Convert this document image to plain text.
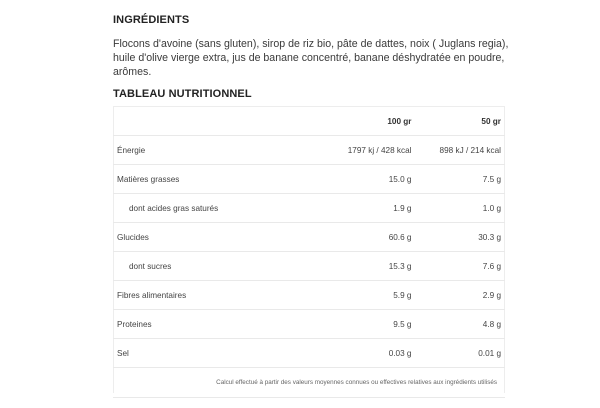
INGRÉDIENTS
Flocons d'avoine (sans gluten), sirop de riz bio, pâte de dattes, noix ( Juglans regia),
huile d'olive vierge extra, jus de banane concentré, banane déshydratée en poudre,
arômes.
TABLEAU NUTRITIONNEL
	100 gr	50 gr
Énergie	1797 kj / 428 kcal	898 kJ / 214 kcal
Matières grasses	15.0 g	7.5 g
dont acides gras saturés	1.9 g	1.0 g
Glucides	60.6 g	30.3 g
dont sucres	15.3 g	7.6 g
Fibres alimentaires	5.9 g	2.9 g
Proteines	9.5 g	4.8 g
Sel	0.03 g	0.01 g
Calcul effectué à partir des valeurs moyennes connues ou effectives relatives aux ingrédients utilisés		
